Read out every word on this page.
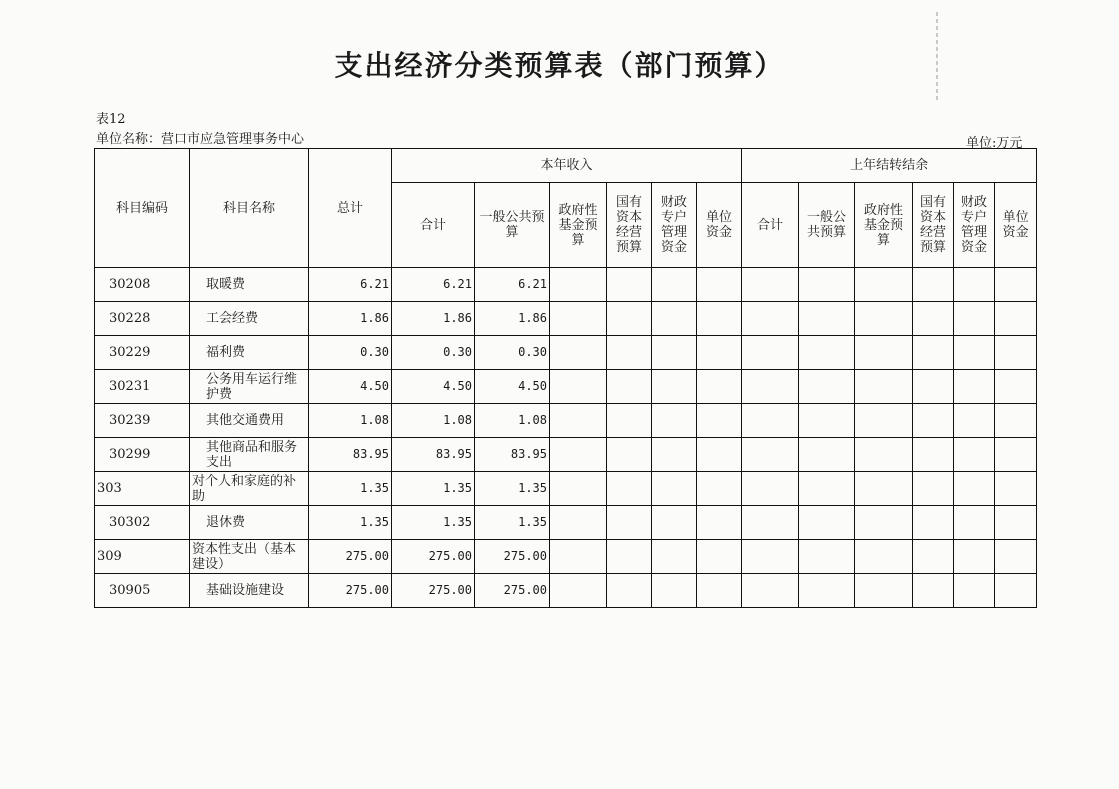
支出经济分类预算表（部门预算）
表12
单位名称：营口市应急管理事务中心	单位:万元
科目编码	科目名称	总计	本年收入						上年结转结余					
			合计	一般公共预算	政府性基金预算	国有资本经营预算	财政专户管理资金	单位资金	合计	一般公共预算	政府性基金预算	国有资本经营预算	财政专户管理资金	单位资金
30208	取暖费	6.21	6.21	6.21										
30228	工会经费	1.86	1.86	1.86										
30229	福利费	0.30	0.30	0.30										
30231	公务用车运行维护费	4.50	4.50	4.50										
30239	其他交通费用	1.08	1.08	1.08										
30299	其他商品和服务支出	83.95	83.95	83.95										
303	对个人和家庭的补助	1.35	1.35	1.35										
30302	退休费	1.35	1.35	1.35										
309	资本性支出（基本建设）	275.00	275.00	275.00										
30905	基础设施建设	275.00	275.00	275.00										
